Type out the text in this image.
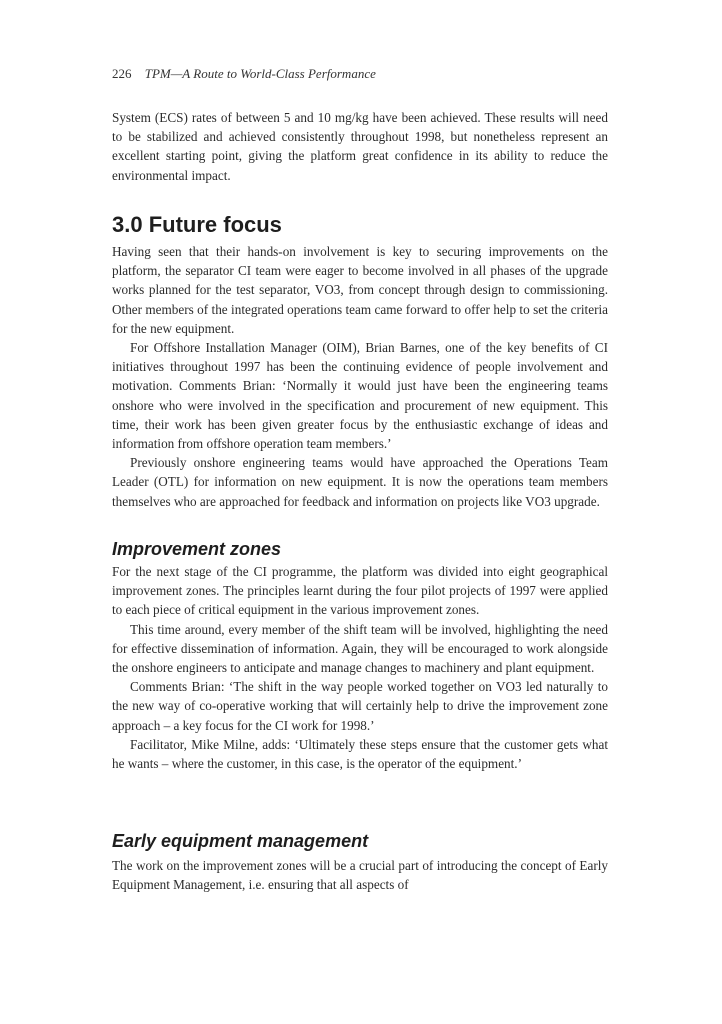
226 TPM—A Route to World-Class Performance

System (ECS) rates of between 5 and 10 mg/kg have been achieved. These results will need to be stabilized and achieved consistently throughout 1998, but nonetheless represent an excellent starting point, giving the platform great confidence in its ability to reduce the environmental impact.

3.0 Future focus

Having seen that their hands-on involvement is key to securing improvements on the platform, the separator CI team were eager to become involved in all phases of the upgrade works planned for the test separator, VO3, from concept through design to commissioning. Other members of the integrated operations team came forward to offer help to set the criteria for the new equipment.

For Offshore Installation Manager (OIM), Brian Barnes, one of the key benefits of CI initiatives throughout 1997 has been the continuing evidence of people involvement and motivation. Comments Brian: ‘Normally it would just have been the engineering teams onshore who were involved in the specification and procurement of new equipment. This time, their work has been given greater focus by the enthusiastic exchange of ideas and information from offshore operation team members.’

Previously onshore engineering teams would have approached the Operations Team Leader (OTL) for information on new equipment. It is now the operations team members themselves who are approached for feedback and information on projects like VO3 upgrade.

Improvement zones

For the next stage of the CI programme, the platform was divided into eight geographical improvement zones. The principles learnt during the four pilot projects of 1997 were applied to each piece of critical equipment in the various improvement zones.

This time around, every member of the shift team will be involved, highlighting the need for effective dissemination of information. Again, they will be encouraged to work alongside the onshore engineers to anticipate and manage changes to machinery and plant equipment.

Comments Brian: ‘The shift in the way people worked together on VO3 led naturally to the new way of co-operative working that will certainly help to drive the improvement zone approach – a key focus for the CI work for 1998.’

Facilitator, Mike Milne, adds: ‘Ultimately these steps ensure that the customer gets what he wants – where the customer, in this case, is the operator of the equipment.’

Early equipment management

The work on the improvement zones will be a crucial part of introducing the concept of Early Equipment Management, i.e. ensuring that all aspects of
